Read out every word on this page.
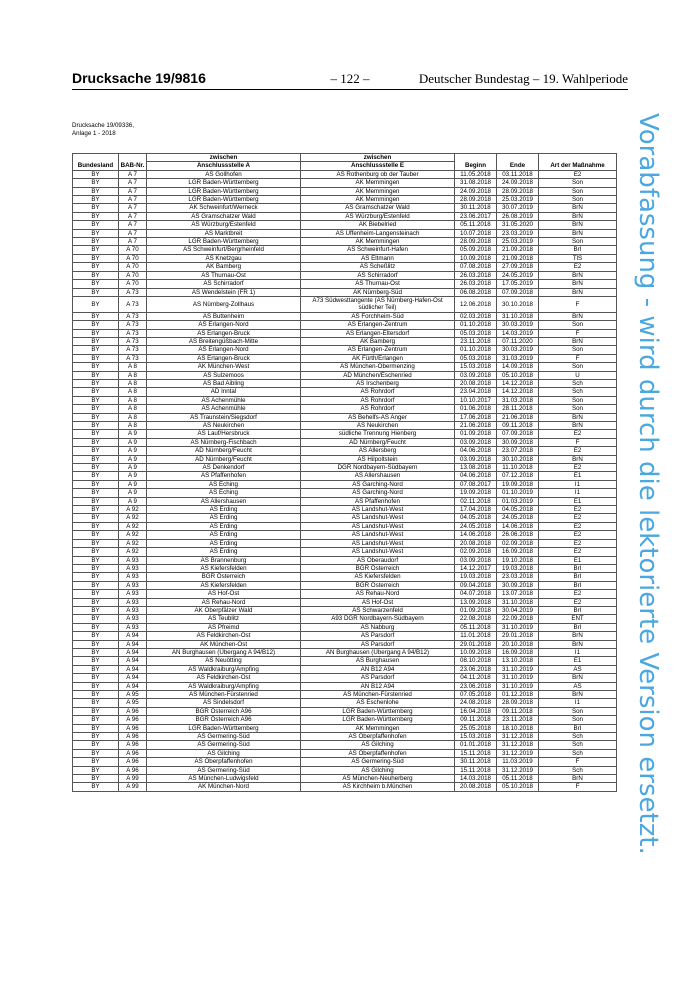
Drucksache 19/9816	– 122 –	Deutscher Bundestag – 19. Wahlperiode
Drucksache 19/09336,
Anlage 1 - 2018	Vorabfassung - wird durch die lektorierte Version ersetzt.
Bundesland	BAB-Nr.	zwischen	zwischen	Beginn	Ende	Art der Maßnahme
		Anschlussstelle A	Anschlussstelle E			
BY	A 7	AS Gollhofen	AS Rothenburg ob der Tauber	11.05.2018	03.11.2018	E2
BY	A 7	LGR Baden-Württemberg	AK Memmingen	31.08.2018	24.09.2018	Son
BY	A 7	LGR Baden-Württemberg	AK Memmingen	24.09.2018	28.09.2018	Son
BY	A 7	LGR Baden-Württemberg	AK Memmingen	28.09.2018	25.03.2019	Son
BY	A 7	AK Schweinfurt/Werneck	AS Gramschatzer Wald	30.11.2018	30.07.2019	BrN
BY	A 7	AS Gramschatzer Wald	AS Würzburg/Estenfeld	23.06.2017	26.08.2019	BrN
BY	A 7	AS Würzburg/Estenfeld	AK Biebelried	05.11.2018	31.05.2020	BrN
BY	A 7	AS Marktbreit	AS Uffenheim-Langensteinach	10.07.2018	23.03.2019	BrN
BY	A 7	LGR Baden-Württemberg	AK Memmingen	28.09.2018	25.03.2019	Son
BY	A 70	AS Schweinfurt/Bergrheinfeld	AS Schweinfurt-Hafen	05.09.2018	21.09.2018	BrI
BY	A 70	AS Knetzgau	AS Eltmann	10.09.2018	21.09.2018	TlS
BY	A 70	AK Bamberg	AS Scheßlitz	07.08.2018	27.09.2018	E2
BY	A 70	AS Thurnau-Ost	AS Schirradorf	26.03.2018	24.05.2019	BrN
BY	A 70	AS Schirradorf	AS Thurnau-Ost	26.03.2018	17.05.2019	BrN
BY	A 73	AS Wendelstein (FR 1)	AK Nürnberg-Süd	06.08.2018	07.09.2018	BrN
BY	A 73	AS Nürnberg-Zollhaus	A73 Südwesttangente (AS Nürnberg-Hafen-Ost südlicher Teil)	12.06.2018	30.10.2018	F
BY	A 73	AS Buttenheim	AS Forchheim-Süd	02.03.2018	31.10.2018	BrN
BY	A 73	AS Erlangen-Nord	AS Erlangen-Zentrum	01.10.2018	30.03.2019	Son
BY	A 73	AS Erlangen-Bruck	AS Erlangen-Eltersdorf	05.03.2018	14.03.2019	F
BY	A 73	AS Breitengüßbach-Mitte	AK Bamberg	23.11.2018	07.11.2020	BrN
BY	A 73	AS Erlangen-Nord	AS Erlangen-Zentrum	01.10.2018	30.03.2019	Son
BY	A 73	AS Erlangen-Bruck	AK Fürth/Erlangen	05.03.2018	31.03.2019	F
BY	A 8	AK München-West	AS München-Obermenzing	15.03.2018	14.09.2018	Son
BY	A 8	AS Sulzemoos	AD München/Eschenried	03.09.2018	05.10.2018	U
BY	A 8	AS Bad Aibling	AS Irschenberg	20.08.2018	14.12.2018	Sch
BY	A 8	AD Inntal	AS Rohrdorf	23.04.2018	14.12.2018	Sch
BY	A 8	AS Achenmühle	AS Rohrdorf	10.10.2017	31.03.2018	Son
BY	A 8	AS Achenmühle	AS Rohrdorf	01.06.2018	28.11.2018	Son
BY	A 8	AS Traunstein/Siegsdorf	AS Behelfs-AS Anger	17.06.2018	21.06.2018	BrN
BY	A 8	AS Neukirchen	AS Neukirchen	21.06.2018	09.11.2018	BrN
BY	A 9	AS Lauf/Hersbruck	südliche Trennung Hienberg	01.09.2018	07.09.2018	E2
BY	A 9	AS Nürnberg-Fischbach	AD Nürnberg/Feucht	03.09.2018	30.09.2018	F
BY	A 9	AD Nürnberg/Feucht	AS Allersberg	04.06.2018	23.07.2018	E2
BY	A 9	AD Nürnberg/Feucht	AS Hilpoltstein	03.09.2018	30.10.2018	BrN
BY	A 9	AS Denkendorf	DGR Nordbayern-Südbayern	13.08.2018	11.10.2018	E2
BY	A 9	AS Pfaffenhofen	AS Allershausen	04.06.2018	07.12.2018	E1
BY	A 9	AS Eching	AS Garching-Nord	07.08.2017	19.09.2018	I1
BY	A 9	AS Eching	AS Garching-Nord	19.09.2018	01.10.2019	I1
BY	A 9	AS Allershausen	AS Pfaffenhofen	02.11.2018	01.03.2019	E1
BY	A 92	AS Erding	AS Landshut-West	17.04.2018	04.05.2018	E2
BY	A 92	AS Erding	AS Landshut-West	04.05.2018	24.05.2018	E2
BY	A 92	AS Erding	AS Landshut-West	24.05.2018	14.06.2018	E2
BY	A 92	AS Erding	AS Landshut-West	14.06.2018	26.06.2018	E2
BY	A 92	AS Erding	AS Landshut-West	20.08.2018	02.09.2018	E2
BY	A 92	AS Erding	AS Landshut-West	02.09.2018	16.09.2018	E2
BY	A 93	AS Brannenburg	AS Oberaudorf	03.09.2018	19.10.2018	E1
BY	A 93	AS Kiefersfelden	BGR Österreich	14.12.2017	19.03.2018	BrI
BY	A 93	BGR Österreich	AS Kiefersfelden	19.03.2018	23.03.2018	BrI
BY	A 93	AS Kiefersfelden	BGR Österreich	09.04.2018	30.09.2018	BrI
BY	A 93	AS Hof-Ost	AS Rehau-Nord	04.07.2018	13.07.2018	E2
BY	A 93	AS Rehau-Nord	AS Hof-Ost	13.09.2018	31.10.2018	E2
BY	A 93	AK Oberpfälzer Wald	AS Schwarzenfeld	01.09.2018	30.04.2019	BrI
BY	A 93	AS Teublitz	A93 DGR Nordbayern-Südbayern	22.08.2018	22.09.2018	ENT
BY	A 93	AS Pfreimd	AS Nabburg	05.11.2018	31.10.2019	BrI
BY	A 94	AS Feldkirchen-Ost	AS Parsdorf	11.01.2018	29.01.2018	BrN
BY	A 94	AK München-Ost	AS Parsdorf	29.01.2018	20.10.2018	BrN
BY	A 94	AN Burghausen (Übergang A 94/B12)	AN Burghausen (Übergang A 94/B12)	10.09.2018	16.09.2018	I1
BY	A 94	AS Neuötting	AS Burghausen	08.10.2018	13.10.2018	E1
BY	A 94	AS Waldkraiburg/Ampfing	AN B12 A94	23.06.2018	31.10.2019	AS
BY	A 94	AS Feldkirchen-Ost	AS Parsdorf	04.11.2018	31.10.2019	BrN
BY	A 94	AS Waldkraiburg/Ampfing	AN B12 A94	23.06.2018	31.10.2019	AS
BY	A 95	AS München-Fürstenried	AS München-Fürstenried	07.05.2018	01.12.2018	BrN
BY	A 95	AS Sindelsdorf	AS Eschenlohe	24.08.2018	28.09.2018	I1
BY	A 96	BGR Österreich A96	LGR Baden-Württemberg	16.04.2018	09.11.2018	Son
BY	A 96	BGR Österreich A96	LGR Baden-Württemberg	09.11.2018	23.11.2018	Son
BY	A 96	LGR Baden-Württemberg	AK Memmingen	25.05.2018	18.10.2018	BrI
BY	A 96	AS Germering-Süd	AS Oberpfaffenhofen	15.03.2018	31.12.2018	Sch
BY	A 96	AS Germering-Süd	AS Gilching	01.01.2018	31.12.2018	Sch
BY	A 96	AS Gilching	AS Oberpfaffenhofen	15.11.2018	31.12.2019	Sch
BY	A 96	AS Oberpfaffenhofen	AS Germering-Süd	30.11.2018	11.03.2019	F
BY	A 96	AS Germering-Süd	AS Gilching	15.11.2018	31.12.2019	Sch
BY	A 99	AS München-Ludwigsfeld	AS München-Neuherberg	14.03.2018	05.11.2018	BrN
BY	A 99	AK München-Nord	AS Kirchheim b.München	20.08.2018	05.10.2018	F
